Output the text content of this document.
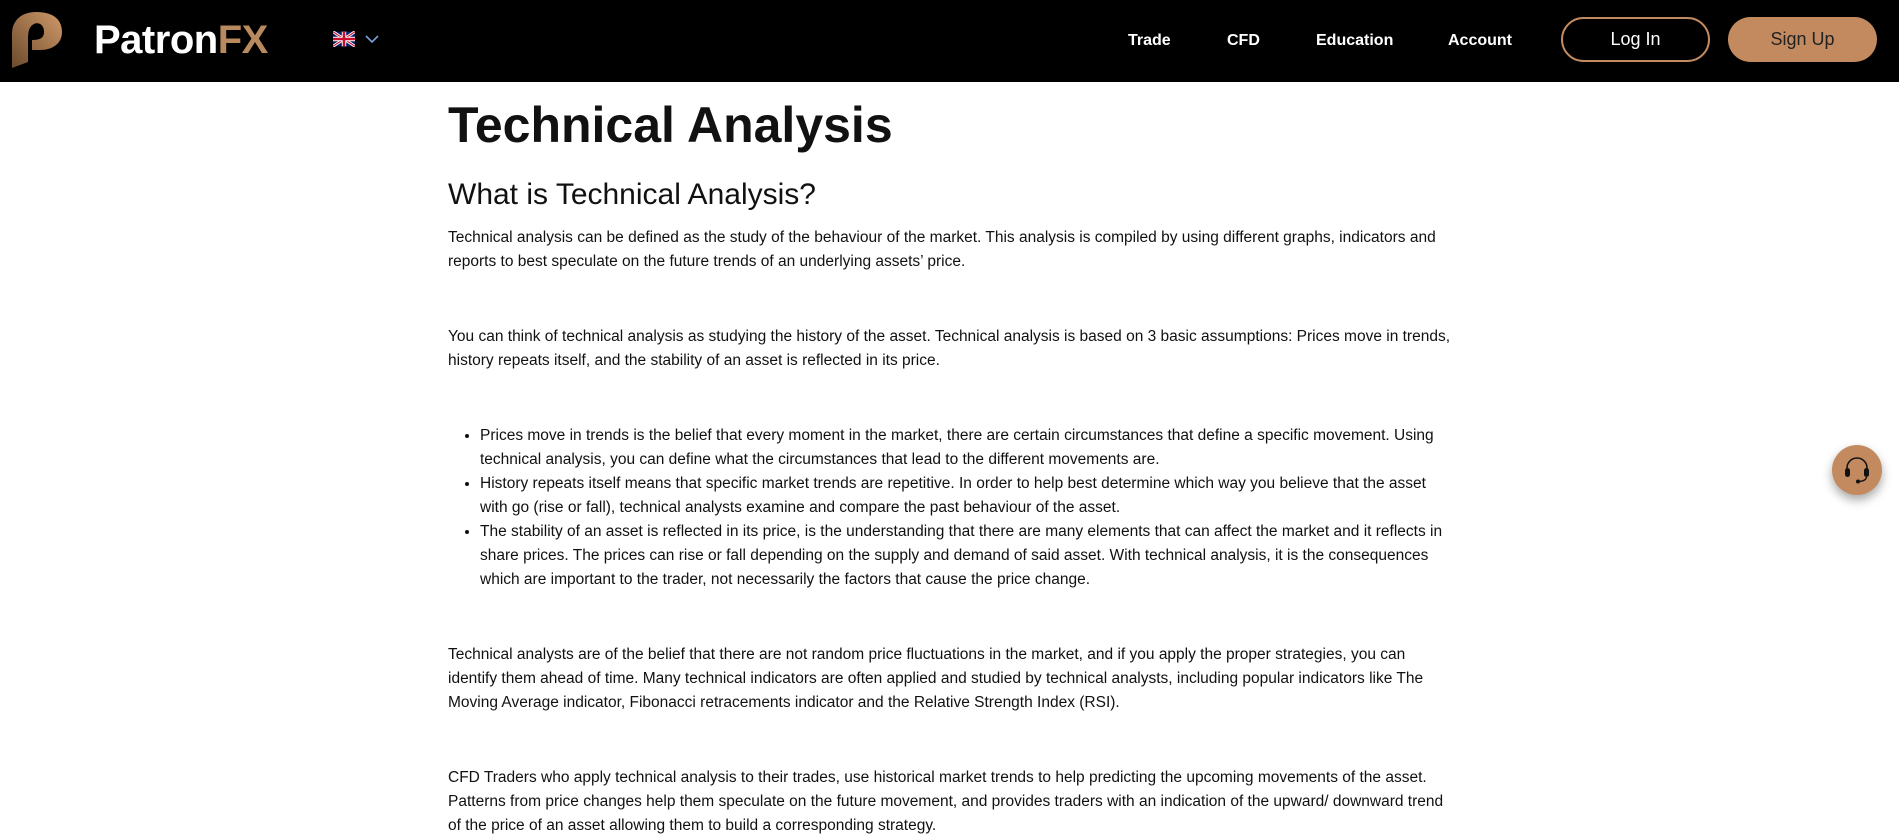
PatronFX	Trade	CFD	Education	Account	Log In	Sign Up
Technical Analysis
What is Technical Analysis?

Technical analysis can be defined as the study of the behaviour of the market. This analysis is compiled by using different graphs, indicators and reports to best speculate on the future trends of an underlying assets’ price.

You can think of technical analysis as studying the history of the asset. Technical analysis is based on 3 basic assumptions: Prices move in trends, history repeats itself, and the stability of an asset is reflected in its price.

• Prices move in trends is the belief that every moment in the market, there are certain circumstances that define a specific movement. Using technical analysis, you can define what the circumstances that lead to the different movements are.
• History repeats itself means that specific market trends are repetitive. In order to help best determine which way you believe that the asset with go (rise or fall), technical analysts examine and compare the past behaviour of the asset.
• The stability of an asset is reflected in its price, is the understanding that there are many elements that can affect the market and it reflects in share prices. The prices can rise or fall depending on the supply and demand of said asset. With technical analysis, it is the consequences which are important to the trader, not necessarily the factors that cause the price change.

Technical analysts are of the belief that there are not random price fluctuations in the market, and if you apply the proper strategies, you can identify them ahead of time. Many technical indicators are often applied and studied by technical analysts, including popular indicators like The Moving Average indicator, Fibonacci retracements indicator and the Relative Strength Index (RSI).

CFD Traders who apply technical analysis to their trades, use historical market trends to help predicting the upcoming movements of the asset. Patterns from price changes help them speculate on the future movement, and provides traders with an indication of the upward/ downward trend of the price of an asset allowing them to build a corresponding strategy.
